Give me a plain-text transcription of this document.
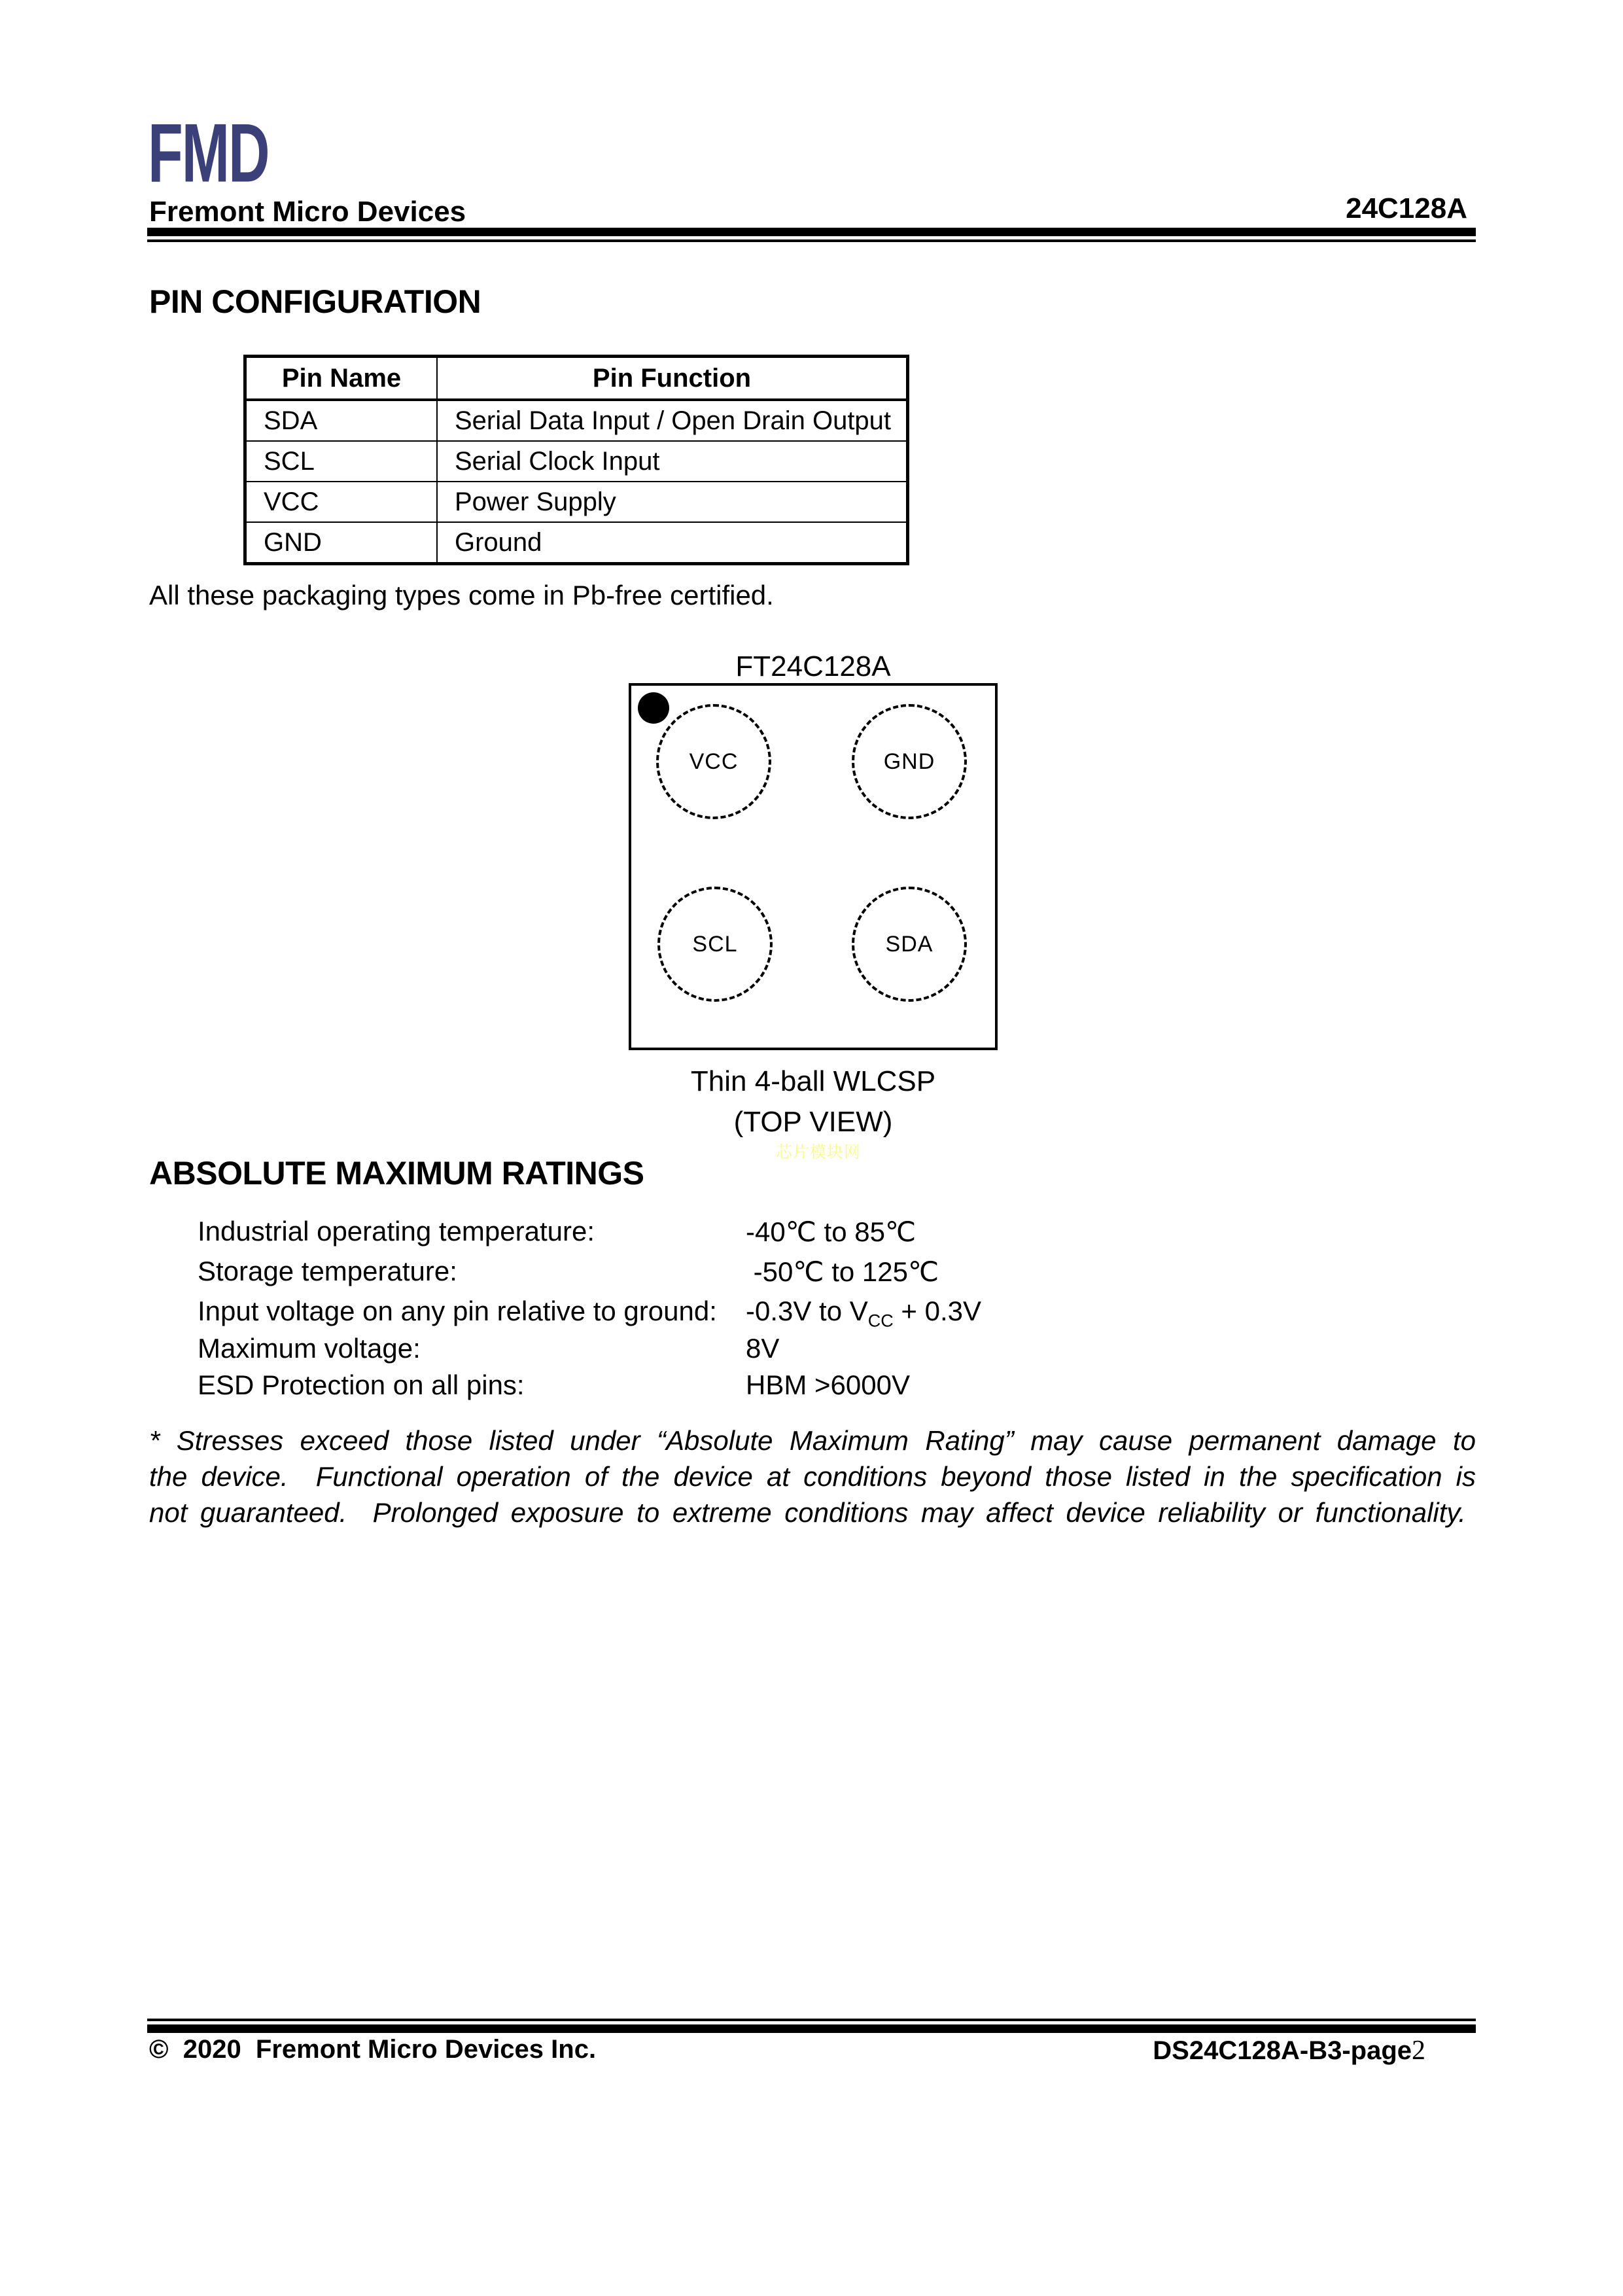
FMD
Fremont Micro Devices	24C128A
PIN CONFIGURATION
Pin Name	Pin Function
SDA	Serial Data Input / Open Drain Output
SCL	Serial Clock Input
VCC	Power Supply
GND	Ground
All these packaging types come in Pb-free certified.
FT24C128A
VCC	GND
SCL	SDA
Thin 4-ball WLCSP
(TOP VIEW)
芯片模块网
ABSOLUTE MAXIMUM RATINGS
Industrial operating temperature:	-40℃ to 85℃
Storage temperature:	-50℃ to 125℃
Input voltage on any pin relative to ground: -0.3V to $V_{CC} + 0.3V$
Maximum voltage:	8V
ESD Protection on all pins:	HBM >6000V
* Stresses exceed those listed under “Absolute Maximum Rating” may cause permanent damage to the device.  Functional operation of the device at conditions beyond those listed in the specification is not guaranteed.  Prolonged exposure to extreme conditions may affect device reliability or functionality.
©  2020  Fremont Micro Devices Inc.	DS24C128A-B3-page2
